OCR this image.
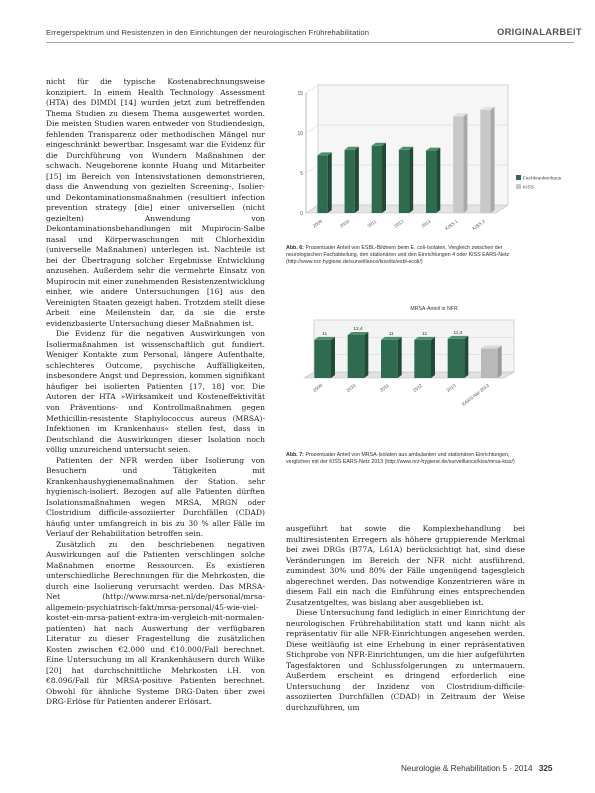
Erregerspektrum und Resistenzen in den Einrichtungen der neurologischen Frührehabilitation	ORIGINALARBEIT

nicht für die typische Kostenabrechnungsweise konzipiert. In einem Health Technology Assessment (HTA) des DIMDI [14] wurden jetzt zum betreffenden Thema Studien zu diesem Thema ausgewertet worden. Die meisten Studien waren entweder von Studiendesign, fehlenden Transparenz oder methodischen Mängel nur eingeschränkt bewertbar. Insgesamt war die Evidenz für die Durchführung von Wundern Maßnahmen der schwach. Neugeborene konnte Huang und Mitarbeiter [15] im Bereich von Intensivstationen demonstrieren, dass die Anwendung von gezielten Screening-, Isolier- und Dekontaminationsmaßnahmen (resultiert infection prevention strategy [die] einer universellen (nicht gezielten) Anwendung von Dekontaminationsbehandlungen mit Mupirocin-Salbe nasal und Körperwaschungen mit Chlorhexidin (universelle Maßnahmen) unterlegen ist. Nachteile ist bei der Übertragung solcher Ergebnisse Entwicklung anzusehen. Außerdem sehr die vermehrte Einsatz von Mupirocin mit einer zunehmenden Resistenzentwicklung einher, wie andere Untersuchungen [16] aus den Vereinigten Staaten gezeigt haben. Trotzdem stellt diese Arbeit eine Meilenstein dar, da sie die erste evidenzbasierte Untersuchung dieser Maßnahmen ist.

Die Evidenz für die negativen Auswirkungen von Isoliermaßnahmen ist wissenschaftlich gut fundiert. Weniger Kontakte zum Personal, längere Aufenthalte, schlechteres Outcome, psychische Auffälligkeiten, insbesondere Angst und Depression, kommen signifikant häufiger bei isolierten Patienten [17, 18] vor. Die Autoren der HTA »Wirksamkeit und Kosteneffektivität von Präventions- und Kontrollmaßnahmen gegen Methicillin-resistente Staphylococcus aureus (MRSA)-Infektionen im Krankenhaus« stellen fest, dass in Deutschland die Auswirkungen dieser Isolation noch völlig unzureichend untersucht seien.

Patienten der NFR werden über Isolierung von Besuchern und Tätigkeiten mit Krankenhaushygienemaßnahmen der Station. sehr hygienisch-isoliert. Bezogen auf alle Patienten dürften Isolationsmaßnahmen wegen MRSA, MRGN oder Clostridium difficile-assoziierter Durchfällen (CDAD) häufig unter umfangreich in bis zu 30 % aller Fälle im Verlauf der Rehabilitation betroffen sein.

Zusätzlich zu den beschriebenen negativen Auswirkungen auf die Patienten verschlingen solche Maßnahmen enorme Ressourcen. Es existieren unterschiedliche Berechnungen für die Mehrkosten, die durch eine Isolierung verursacht werden. Das MRSA-Net (http://www.mrsa-net.nl/de/personal/mrsa-allgemein-psychiatrisch-fakt/mrsa-personal/45-wie-viel-kostet-ein-mrsa-patient-extra-im-vergleich-mit-normalen-patienten) hat nach Auswertung der verfügbaren Literatur zu dieser Fragestellung die zusätzlichen Kosten zwischen €2.000 und €10.000/Fall berechnet. Eine Untersuchung im all Krankenhäusern durch Wilke [20] hat durchschnittliche Mehrkosten i.H. von €8.096/Fall für MRSA-positive Patienten berechnet. Obwohl für ähnliche Systeme DRG-Daten über zwei DRG-Erlöse für Patienten anderer Erlösart.

0
5
10
15
2009	2010	2011	2012	2013	KISS 1	KISS 2
Fachkrankenhaus
KISS
Abb. 6: Prozentualer Anteil von ESBL-Bildnern beim E. coli-Isolaten, Vergleich zwischen der neurologischen Fachabteilung, den stationären und den Einrichtungen 4 oder KISS EARS-Netz (http://www.nrz-hygiene.de/surveillance/kiss/its/esbl-ecoli/)
MRSA-Anteil in NFR
11
2009
12,4
2010
11
2011
11
2012
11,3
2013 EARS-Net 2013
Abb. 7: Prozentualer Anteil von MRSA-Isolaten aus ambulanten und stationären Einrichtungen, verglichen mit der KISS EARS-Netz 2013 (http://www.nrz-hygiene.de/surveillance/kiss/mrsa-kiss/)

ausgeführt hat sowie die Komplexbehandlung bei multiresistenten Erregern als höhere gruppierende Merkmal bei zwei DRGs (B77A, L61A) berücksichtigt hat, sind diese Veränderungen im Bereich der NFR nicht ausführend, zumindest 30% und 80% der Fälle ungenügend tagesgleich abgerechnet werden. Das notwendige Konzentrieren wäre in diesem Fall ein nach die Einführung eines entsprechenden Zusatzentgeltes, was bislang aber ausgeblieben ist.

Diese Untersuchung fand lediglich in einer Einrichtung der neurologischen Frührehabilitation statt und kann nicht als repräsentativ für alle NFR-Einrichtungen angesehen werden. Diese weitläufig ist eine Erhebung in einer repräsentativen Stichprobe von NFR-Einrichtungen, um die hier aufgeführten Tagesfaktoren und Schlussfolgerungen zu untermauern. Außerdem erscheint es dringend erforderlich eine Untersuchung der Inzidenz von Clostridium-difficile-assoziierten Durchfällen (CDAD) in Zeitraum der Weise durchzuführen, um

Neurologie & Rehabilitation 5 · 2014 325
